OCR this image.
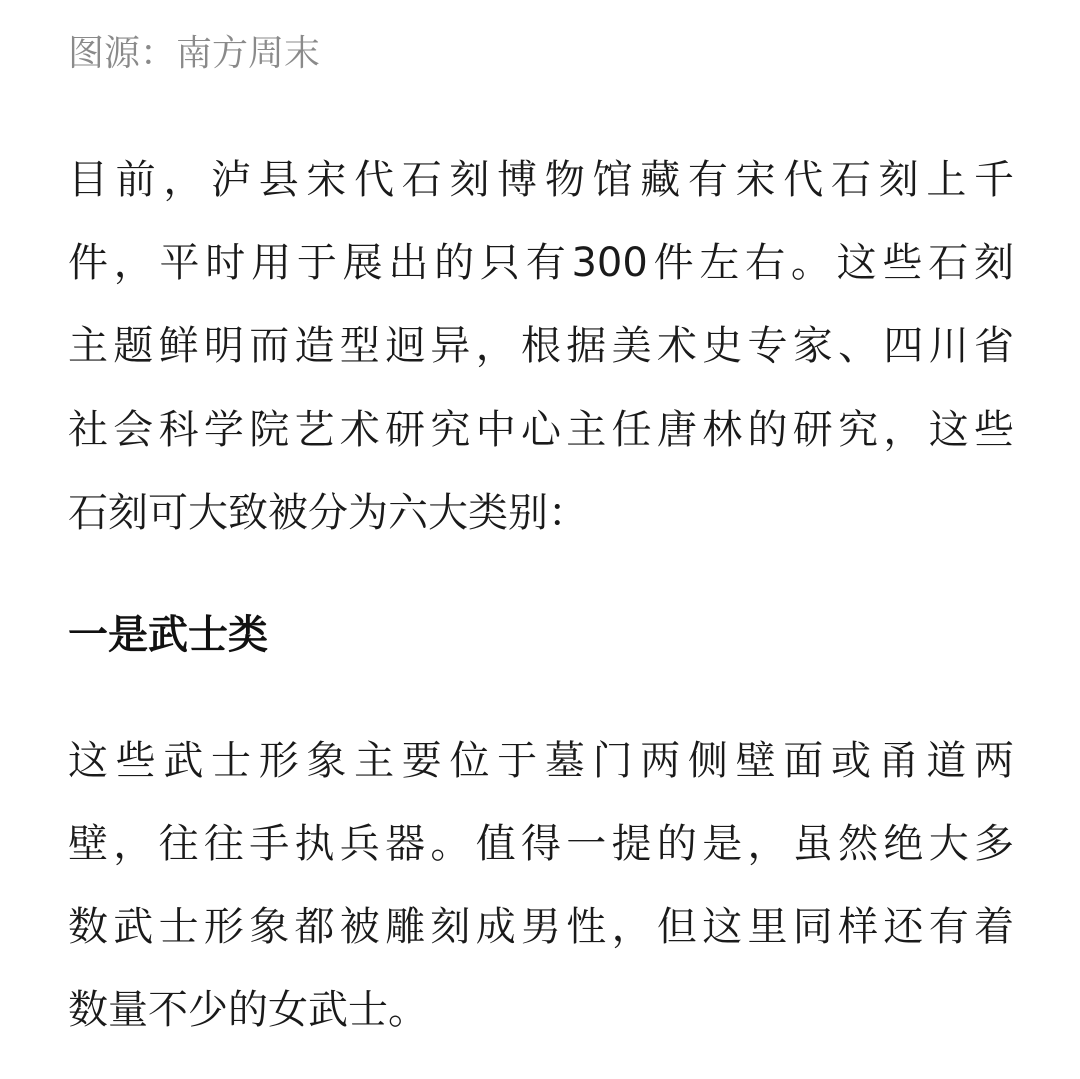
图源：南方周末
目前，泸县宋代石刻博物馆藏有宋代石刻上千
件，平时用于展出的只有300件左右。这些石刻
主题鲜明而造型迥异，根据美术史专家、四川省
社会科学院艺术研究中心主任唐林的研究，这些
石刻可大致被分为六大类别：
一是武士类
这些武士形象主要位于墓门两侧壁面或甬道两
壁，往往手执兵器。值得一提的是，虽然绝大多
数武士形象都被雕刻成男性，但这里同样还有着
数量不少的女武士。
